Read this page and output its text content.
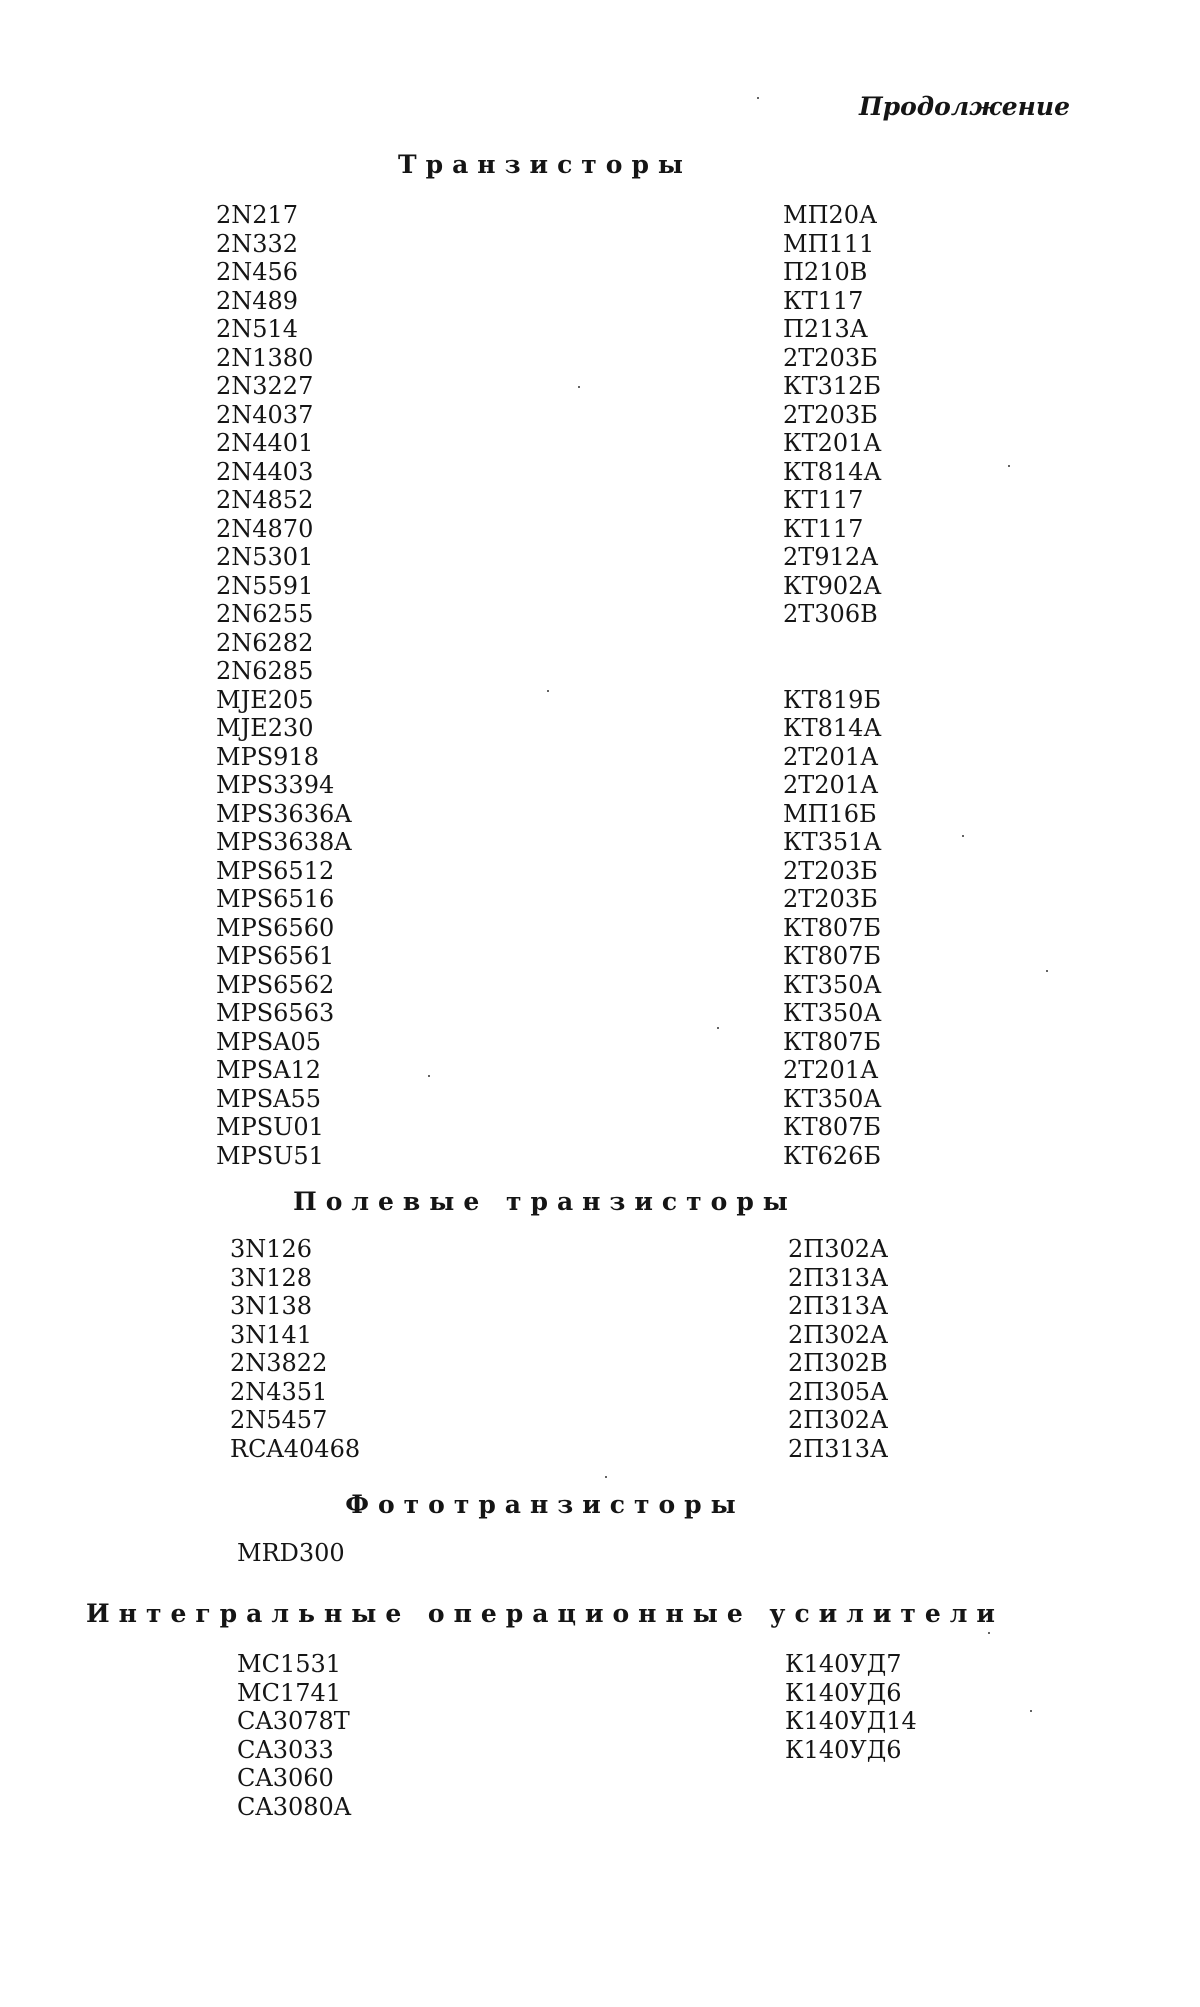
Продолжение
Транзисторы
2N217	МП20А
2N332	МП111
2N456	П210В
2N489	КТ117
2N514	П213А
2N1380	2Т203Б
2N3227	КТ312Б
2N4037	2Т203Б
2N4401	КТ201А
2N4403	КТ814А
2N4852	КТ117
2N4870	КТ117
2N5301	2Т912А
2N5591	КТ902А
2N6255	2Т306В
2N6282
2N6285
MJE205	КТ819Б
MJE230	КТ814А
MPS918	2Т201А
MPS3394	2Т201А
MPS3636A	МП16Б
MPS3638A	КТ351А
MPS6512	2Т203Б
MPS6516	2Т203Б
MPS6560	КТ807Б
MPS6561	КТ807Б
MPS6562	КТ350А
MPS6563	КТ350А
MPSA05	КТ807Б
MPSA12	2Т201А
MPSA55	КТ350А
MPSU01	КТ807Б
MPSU51	КТ626Б
Полевые транзисторы
3N126	2П302А
3N128	2П313А
3N138	2П313А
3N141	2П302А
2N3822	2П302В
2N4351	2П305А
2N5457	2П302А
RCA40468	2П313А
Фототранзисторы
MRD300
Интегральные операционные усилители
MC1531	К140УД7
MC1741	К140УД6
CA3078T	К140УД14
CA3033	К140УД6
CA3060
CA3080A
